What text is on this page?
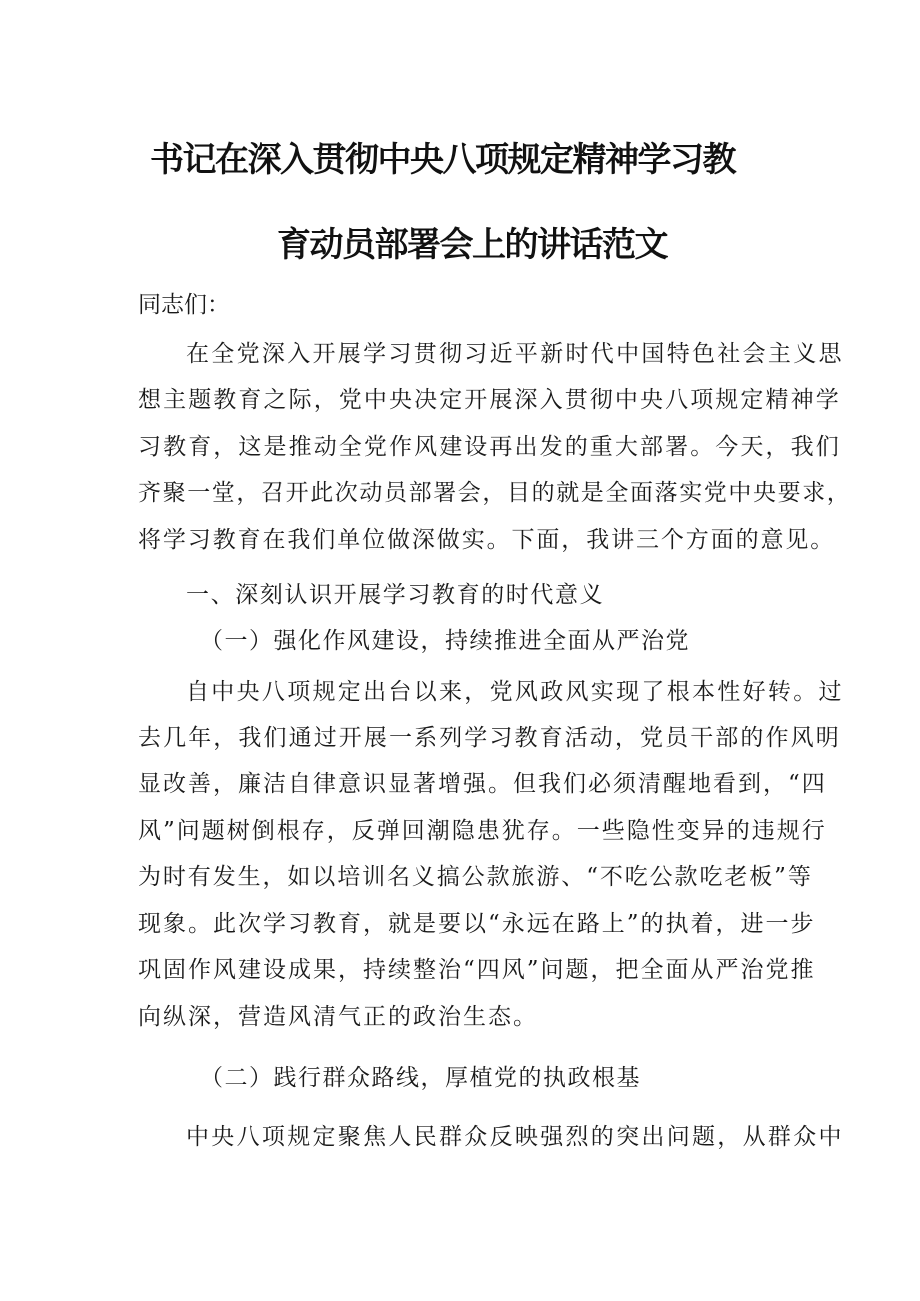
书记在深入贯彻中央八项规定精神学习教
育动员部署会上的讲话范文
同志们：
在全党深入开展学习贯彻习近平新时代中国特色社会主义思
想主题教育之际，党中央决定开展深入贯彻中央八项规定精神学
习教育，这是推动全党作风建设再出发的重大部署。今天，我们
齐聚一堂，召开此次动员部署会，目的就是全面落实党中央要求，
将学习教育在我们单位做深做实。下面，我讲三个方面的意见。
一、深刻认识开展学习教育的时代意义
（一）强化作风建设，持续推进全面从严治党
自中央八项规定出台以来，党风政风实现了根本性好转。过
去几年，我们通过开展一系列学习教育活动，党员干部的作风明
显改善，廉洁自律意识显著增强。但我们必须清醒地看到，“四
风”问题树倒根存，反弹回潮隐患犹存。一些隐性变异的违规行
为时有发生，如以培训名义搞公款旅游、“不吃公款吃老板”等
现象。此次学习教育，就是要以“永远在路上”的执着，进一步
巩固作风建设成果，持续整治“四风”问题，把全面从严治党推
向纵深，营造风清气正的政治生态。
（二）践行群众路线，厚植党的执政根基
中央八项规定聚焦人民群众反映强烈的突出问题，从群众中
